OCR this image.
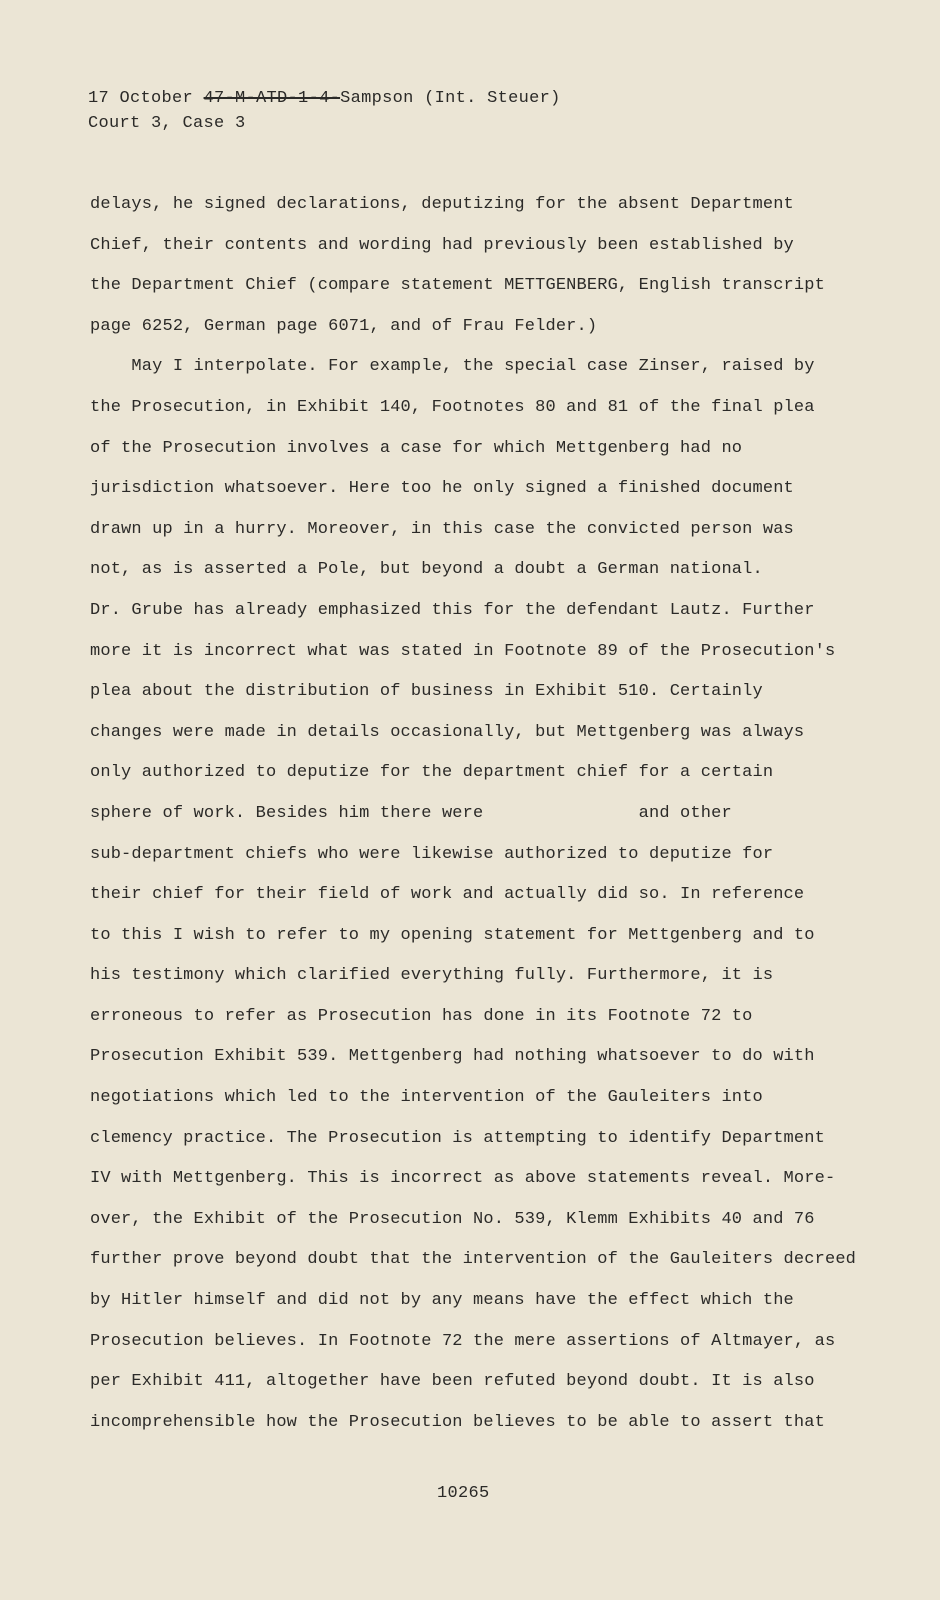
17 October 47-M-ATD-1-4-Sampson (Int. Steuer)
Court 3, Case 3
delays, he signed declarations, deputizing for the absent Department
Chief, their contents and wording had previously been established by
the Department Chief (compare statement METTGENBERG, English transcript
page 6252, German page 6071, and of Frau Felder.)
May I interpolate. For example, the special case Zinser, raised by
the Prosecution, in Exhibit 140, Footnotes 80 and 81 of the final plea
of the Prosecution involves a case for which Mettgenberg had no
jurisdiction whatsoever. Here too he only signed a finished document
drawn up in a hurry. Moreover, in this case the convicted person was
not, as is asserted a Pole, but beyond a doubt a German national.
Dr. Grube has already emphasized this for the defendant Lautz. Further
more it is incorrect what was stated in Footnote 89 of the Prosecution's
plea about the distribution of business in Exhibit 510. Certainly
changes were made in details occasionally, but Mettgenberg was always
only authorized to deputize for the department chief for a certain
sphere of work. Besides him there were               and other
sub-department chiefs who were likewise authorized to deputize for
their chief for their field of work and actually did so. In reference
to this I wish to refer to my opening statement for Mettgenberg and to
his testimony which clarified everything fully. Furthermore, it is
erroneous to refer as Prosecution has done in its Footnote 72 to
Prosecution Exhibit 539. Mettgenberg had nothing whatsoever to do with
negotiations which led to the intervention of the Gauleiters into
clemency practice. The Prosecution is attempting to identify Department
IV with Mettgenberg. This is incorrect as above statements reveal. More-
over, the Exhibit of the Prosecution No. 539, Klemm Exhibits 40 and 76
further prove beyond doubt that the intervention of the Gauleiters decreed
by Hitler himself and did not by any means have the effect which the
Prosecution believes. In Footnote 72 the mere assertions of Altmayer, as
per Exhibit 411, altogether have been refuted beyond doubt. It is also
incomprehensible how the Prosecution believes to be able to assert that
10265
